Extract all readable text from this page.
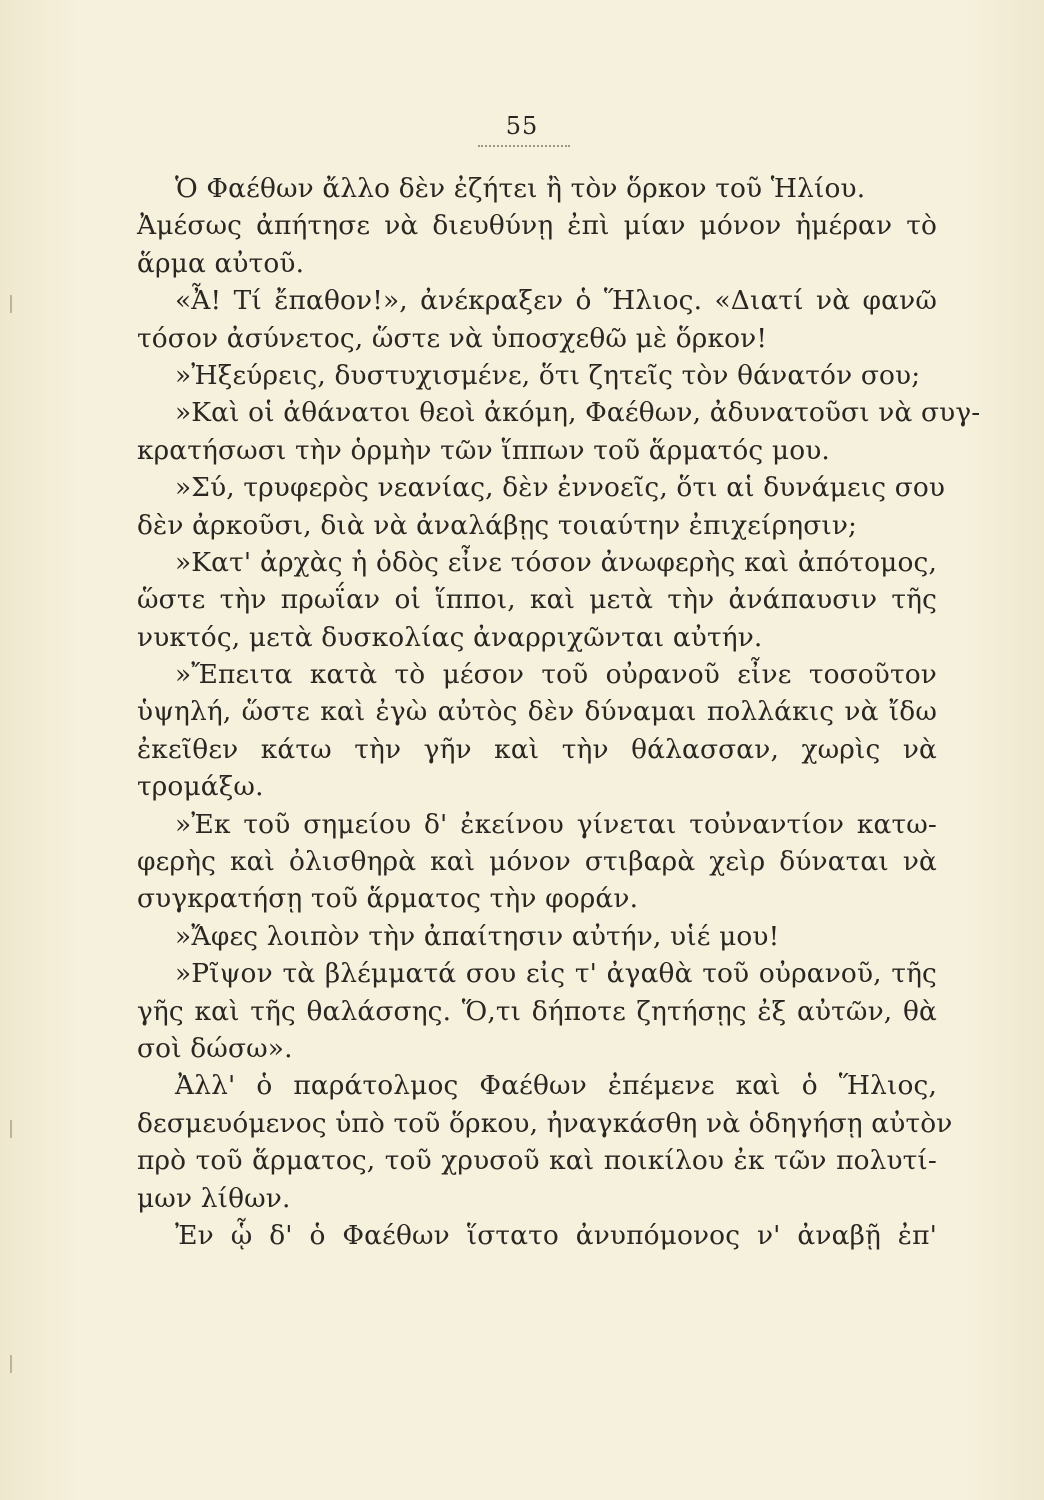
55
Ὁ Φαέθων ἄλλο δὲν ἐζήτει ἢ τὸν ὅρκον τοῦ Ἡλίου.
Ἀμέσως ἀπήτησε νὰ διευθύνῃ ἐπὶ μίαν μόνον ἡμέραν τὸ
ἅρμα αὐτοῦ.
«Ἆ! Τί ἔπαθον!», ἀνέκραξεν ὁ Ἥλιος. «Διατί νὰ φανῶ
τόσον ἀσύνετος, ὥστε νὰ ὑποσχεθῶ μὲ ὅρκον!
»Ἠξεύρεις, δυστυχισμένε, ὅτι ζητεῖς τὸν θάνατόν σου;
»Καὶ οἱ ἀθάνατοι θεοὶ ἀκόμη, Φαέθων, ἀδυνατοῦσι νὰ συγ-
κρατήσωσι τὴν ὁρμὴν τῶν ἵππων τοῦ ἅρματός μου.
»Σύ, τρυφερὸς νεανίας, δὲν ἐννοεῖς, ὅτι αἱ δυνάμεις σου
δὲν ἀρκοῦσι, διὰ νὰ ἀναλάβῃς τοιαύτην ἐπιχείρησιν;
»Κατ' ἀρχὰς ἡ ὁδὸς εἶνε τόσον ἀνωφερὴς καὶ ἀπότομος,
ὥστε τὴν πρωΐαν οἱ ἵπποι, καὶ μετὰ τὴν ἀνάπαυσιν τῆς
νυκτός, μετὰ δυσκολίας ἀναρριχῶνται αὐτήν.
»Ἔπειτα κατὰ τὸ μέσον τοῦ οὐρανοῦ εἶνε τοσοῦτον
ὑψηλή, ὥστε καὶ ἐγὼ αὐτὸς δὲν δύναμαι πολλάκις νὰ ἴδω
ἐκεῖθεν κάτω τὴν γῆν καὶ τὴν θάλασσαν, χωρὶς νὰ
τρομάξω.
»Ἐκ τοῦ σημείου δ' ἐκείνου γίνεται τοὐναντίον κατω-
φερὴς καὶ ὀλισθηρὰ καὶ μόνον στιβαρὰ χεὶρ δύναται νὰ
συγκρατήσῃ τοῦ ἅρματος τὴν φοράν.
»Ἄφες λοιπὸν τὴν ἀπαίτησιν αὐτήν, υἱέ μου!
»Ρῖψον τὰ βλέμματά σου εἰς τ' ἀγαθὰ τοῦ οὐρανοῦ, τῆς
γῆς καὶ τῆς θαλάσσης. Ὅ,τι δήποτε ζητήσῃς ἐξ αὐτῶν, θὰ
σοὶ δώσω».
Ἀλλ' ὁ παράτολμος Φαέθων ἐπέμενε καὶ ὁ Ἥλιος,
δεσμευόμενος ὑπὸ τοῦ ὅρκου, ἠναγκάσθη νὰ ὁδηγήσῃ αὐτὸν
πρὸ τοῦ ἅρματος, τοῦ χρυσοῦ καὶ ποικίλου ἐκ τῶν πολυτί-
μων λίθων.
Ἐν ᾧ δ' ὁ Φαέθων ἵστατο ἀνυπόμονος ν' ἀναβῇ ἐπ'
